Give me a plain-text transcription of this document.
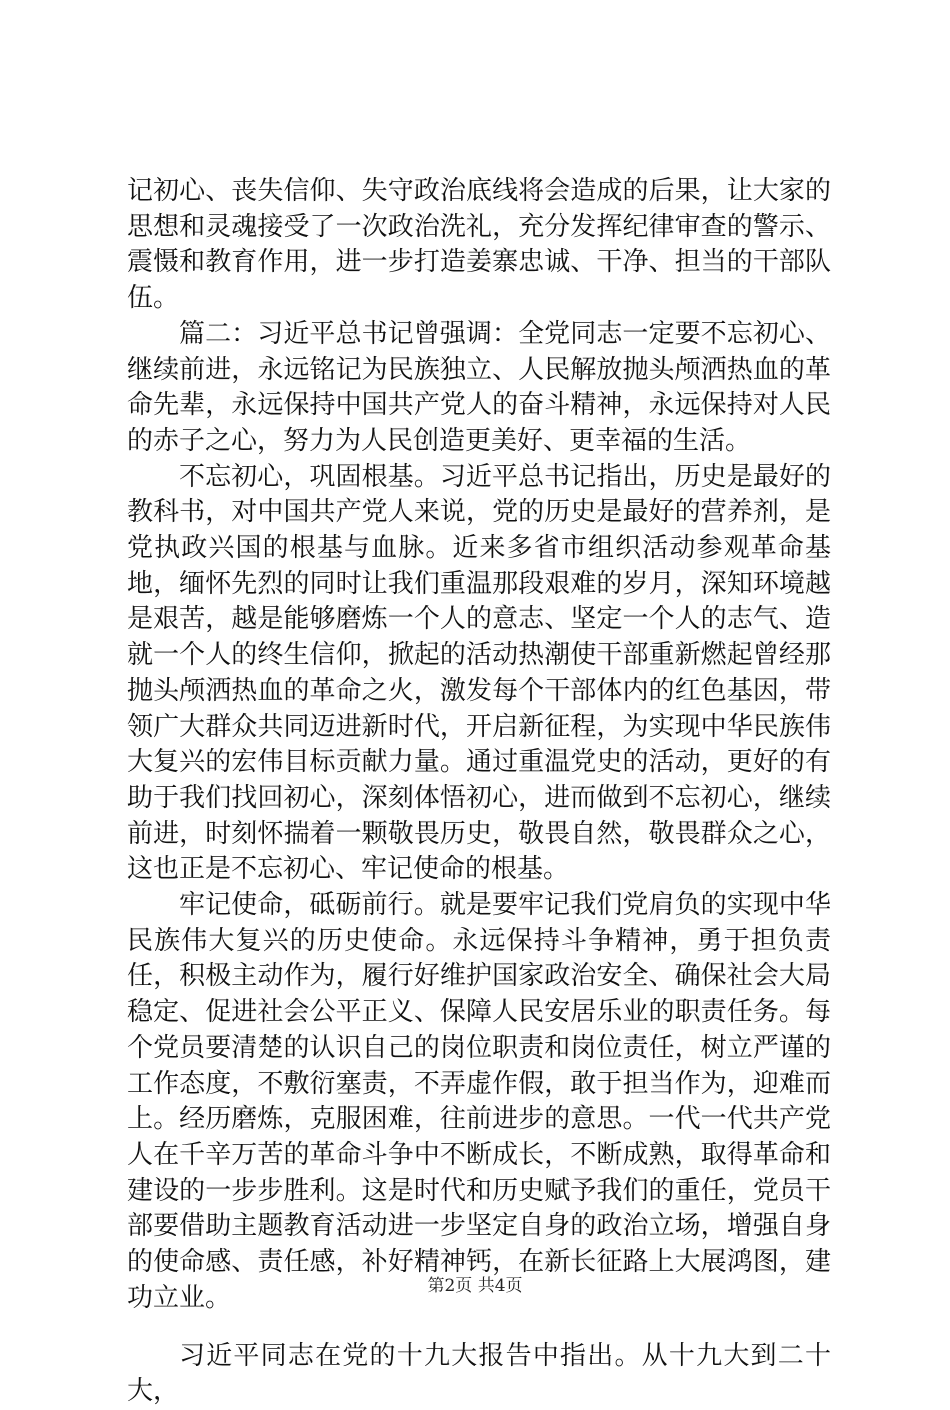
记初心、丧失信仰、失守政治底线将会造成的后果，让大家的思想和灵魂接受了一次政治洗礼，充分发挥纪律审查的警示、震慑和教育作用，进一步打造姜寨忠诚、干净、担当的干部队伍。

篇二：习近平总书记曾强调：全党同志一定要不忘初心、继续前进，永远铭记为民族独立、人民解放抛头颅洒热血的革命先辈，永远保持中国共产党人的奋斗精神，永远保持对人民的赤子之心，努力为人民创造更美好、更幸福的生活。

不忘初心，巩固根基。习近平总书记指出，历史是最好的教科书，对中国共产党人来说，党的历史是最好的营养剂，是党执政兴国的根基与血脉。近来多省市组织活动参观革命基地，缅怀先烈的同时让我们重温那段艰难的岁月，深知环境越是艰苦，越是能够磨炼一个人的意志、坚定一个人的志气、造就一个人的终生信仰，掀起的活动热潮使干部重新燃起曾经那抛头颅洒热血的革命之火，激发每个干部体内的红色基因，带领广大群众共同迈进新时代，开启新征程，为实现中华民族伟大复兴的宏伟目标贡献力量。通过重温党史的活动，更好的有助于我们找回初心，深刻体悟初心，进而做到不忘初心，继续前进，时刻怀揣着一颗敬畏历史，敬畏自然，敬畏群众之心，这也正是不忘初心、牢记使命的根基。

牢记使命，砥砺前行。就是要牢记我们党肩负的实现中华民族伟大复兴的历史使命。永远保持斗争精神，勇于担负责任，积极主动作为，履行好维护国家政治安全、确保社会大局稳定、促进社会公平正义、保障人民安居乐业的职责任务。每个党员要清楚的认识自己的岗位职责和岗位责任，树立严谨的工作态度，不敷衍塞责，不弄虚作假，敢于担当作为，迎难而上。经历磨炼，克服困难，往前进步的意思。一代一代共产党人在千辛万苦的革命斗争中不断成长，不断成熟，取得革命和建设的一步步胜利。这是时代和历史赋予我们的重任，党员干部要借助主题教育活动进一步坚定自身的政治立场，增强自身的使命感、责任感，补好精神钙，在新长征路上大展鸿图，建功立业。

习近平同志在党的十九大报告中指出。从十九大到二十大，

第2页 共4页
